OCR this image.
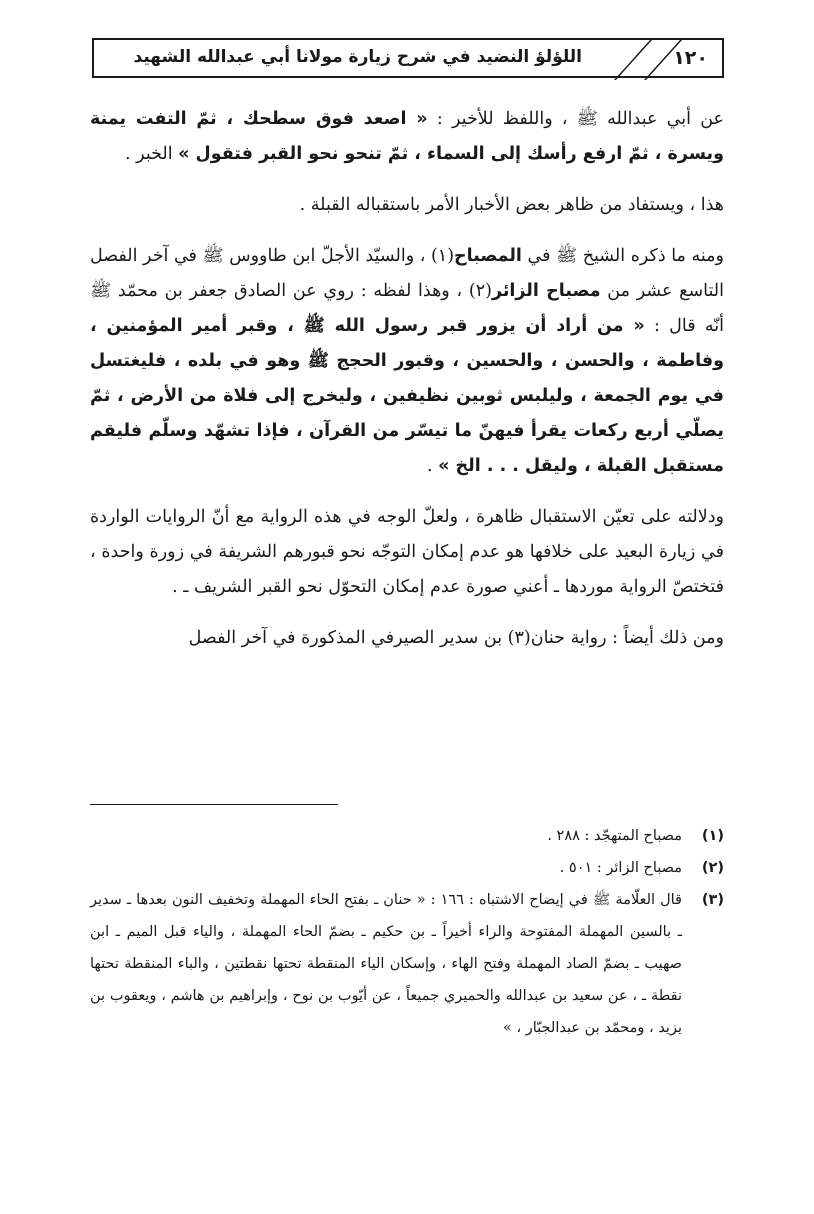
١٢٠
اللؤلؤ النضيد في شرح زيارة مولانا أبي عبدالله الشهيد

عن أبي عبدالله ﷺ ، واللفظ للأخير : « اصعد فوق سطحك ، ثمّ التفت يمنة ويسرة ، ثمّ ارفع رأسك إلى السماء ، ثمّ تنحو نحو القبر فتقول » الخبر .

هذا ، ويستفاد من ظاهر بعض الأخبار الأمر باستقباله القبلة .

ومنه ما ذكره الشيخ ﷺ في المصباح(١) ، والسيّد الأجلّ ابن طاووس ﷺ في آخر الفصل التاسع عشر من مصباح الزائر(٢) ، وهذا لفظه : روي عن الصادق جعفر بن محمّد ﷺ أنّه قال : « من أراد أن يزور قبر رسول الله ﷺ ، وقبر أمير المؤمنين ، وفاطمة ، والحسن ، والحسين ، وقبور الحجج ﷺ وهو في بلده ، فليغتسل في يوم الجمعة ، وليلبس ثوبين نظيفين ، وليخرج إلى فلاة من الأرض ، ثمّ يصلّي أربع ركعات يقرأ فيهنّ ما تيسّر من القرآن ، فإذا تشهّد وسلّم فليقم مستقبل القبلة ، وليقل . . . الخ » .

ودلالته على تعيّن الاستقبال ظاهرة ، ولعلّ الوجه في هذه الرواية مع أنّ الروايات الواردة في زيارة البعيد على خلافها هو عدم إمكان التوجّه نحو قبورهم الشريفة في زورة واحدة ، فتختصّ الرواية موردها ـ أعني صورة عدم إمكان التحوّل نحو القبر الشريف ـ .

ومن ذلك أيضاً : رواية حنان(٣) بن سدير الصيرفي المذكورة في آخر الفصل

(١)
مصباح المتهجّد : ٢٨٨ .
(٢)
مصباح الزائر : ٥٠١ .
(٣)
قال العلّامة ﷺ في إيضاح الاشتباه : ١٦٦ : « حنان ـ بفتح الحاء المهملة وتخفيف النون بعدها ـ سدير ـ بالسين المهملة المفتوحة والراء أخيراً ـ بن حكيم ـ بضمّ الحاء المهملة ، والياء قبل الميم ـ ابن صهيب ـ بضمّ الصاد المهملة وفتح الهاء ، وإسكان الياء المنقطة تحتها نقطتين ، والباء المنقطة تحتها نقطة ـ ، عن سعيد بن عبدالله والحميري جميعاً ، عن أيّوب بن نوح ، وإبراهيم بن هاشم ، ويعقوب بن يزيد ، ومحمّد بن عبدالجبّار ، »
